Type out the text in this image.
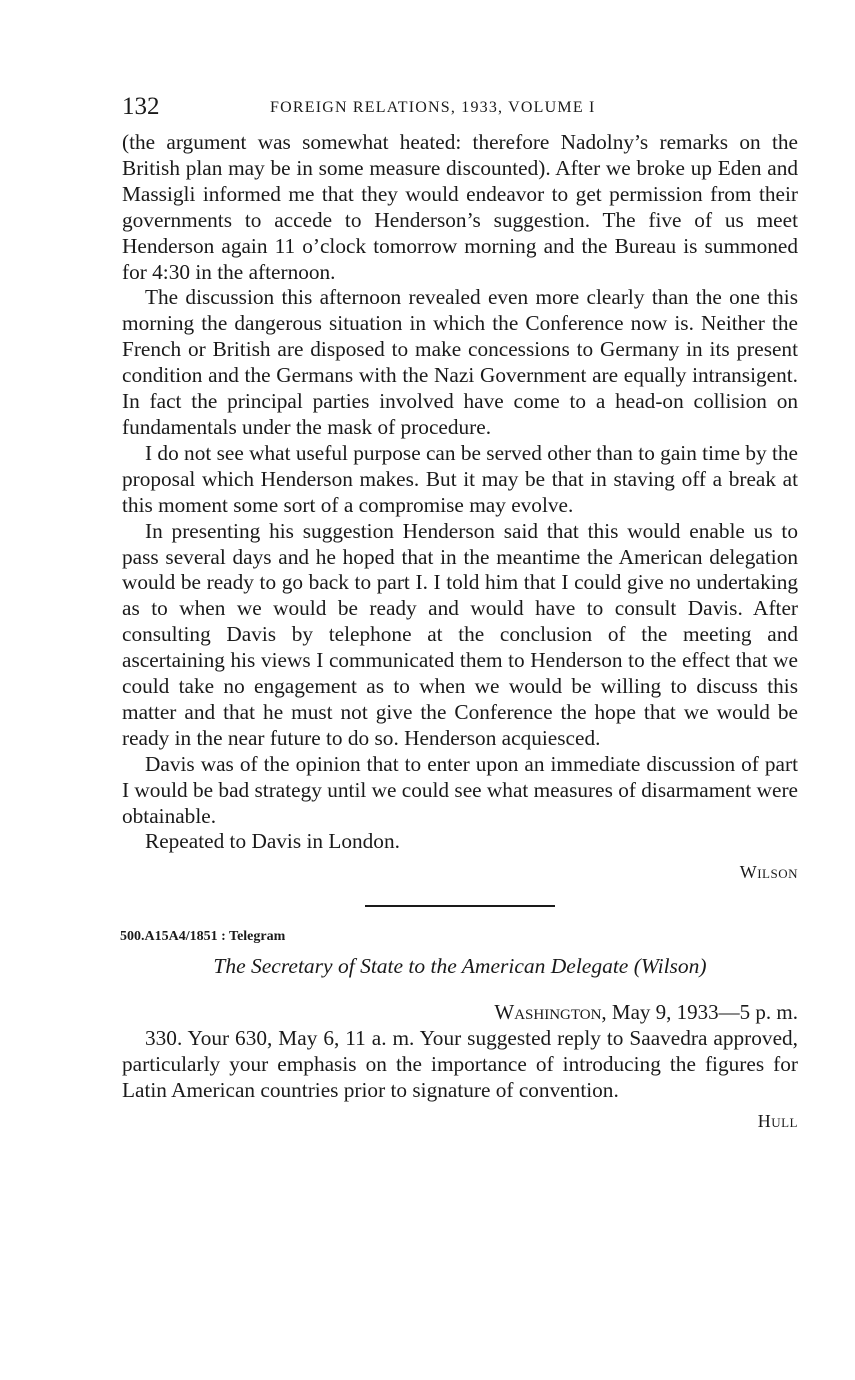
132	FOREIGN RELATIONS, 1933, VOLUME I

(the argument was somewhat heated: therefore Nadolny’s remarks on the British plan may be in some measure discounted). After we broke up Eden and Massigli informed me that they would endeavor to get permission from their governments to accede to Henderson’s suggestion. The five of us meet Henderson again 11 o’clock tomorrow morning and the Bureau is summoned for 4:30 in the afternoon.

The discussion this afternoon revealed even more clearly than the one this morning the dangerous situation in which the Conference now is. Neither the French or British are disposed to make concessions to Germany in its present condition and the Germans with the Nazi Government are equally intransigent. In fact the principal parties involved have come to a head-on collision on fundamentals under the mask of procedure.

I do not see what useful purpose can be served other than to gain time by the proposal which Henderson makes. But it may be that in staving off a break at this moment some sort of a compromise may evolve.

In presenting his suggestion Henderson said that this would enable us to pass several days and he hoped that in the meantime the American delegation would be ready to go back to part I. I told him that I could give no undertaking as to when we would be ready and would have to consult Davis. After consulting Davis by telephone at the conclusion of the meeting and ascertaining his views I communicated them to Henderson to the effect that we could take no engagement as to when we would be willing to discuss this matter and that he must not give the Conference the hope that we would be ready in the near future to do so. Henderson acquiesced.

Davis was of the opinion that to enter upon an immediate discussion of part I would be bad strategy until we could see what measures of disarmament were obtainable.

Repeated to Davis in London.

Wilson
500.A15A4/1851 : Telegram
The Secretary of State to the American Delegate (Wilson)
Washington, May 9, 1933—5 p. m.

330. Your 630, May 6, 11 a. m. Your suggested reply to Saavedra approved, particularly your emphasis on the importance of introducing the figures for Latin American countries prior to signature of convention.

Hull
